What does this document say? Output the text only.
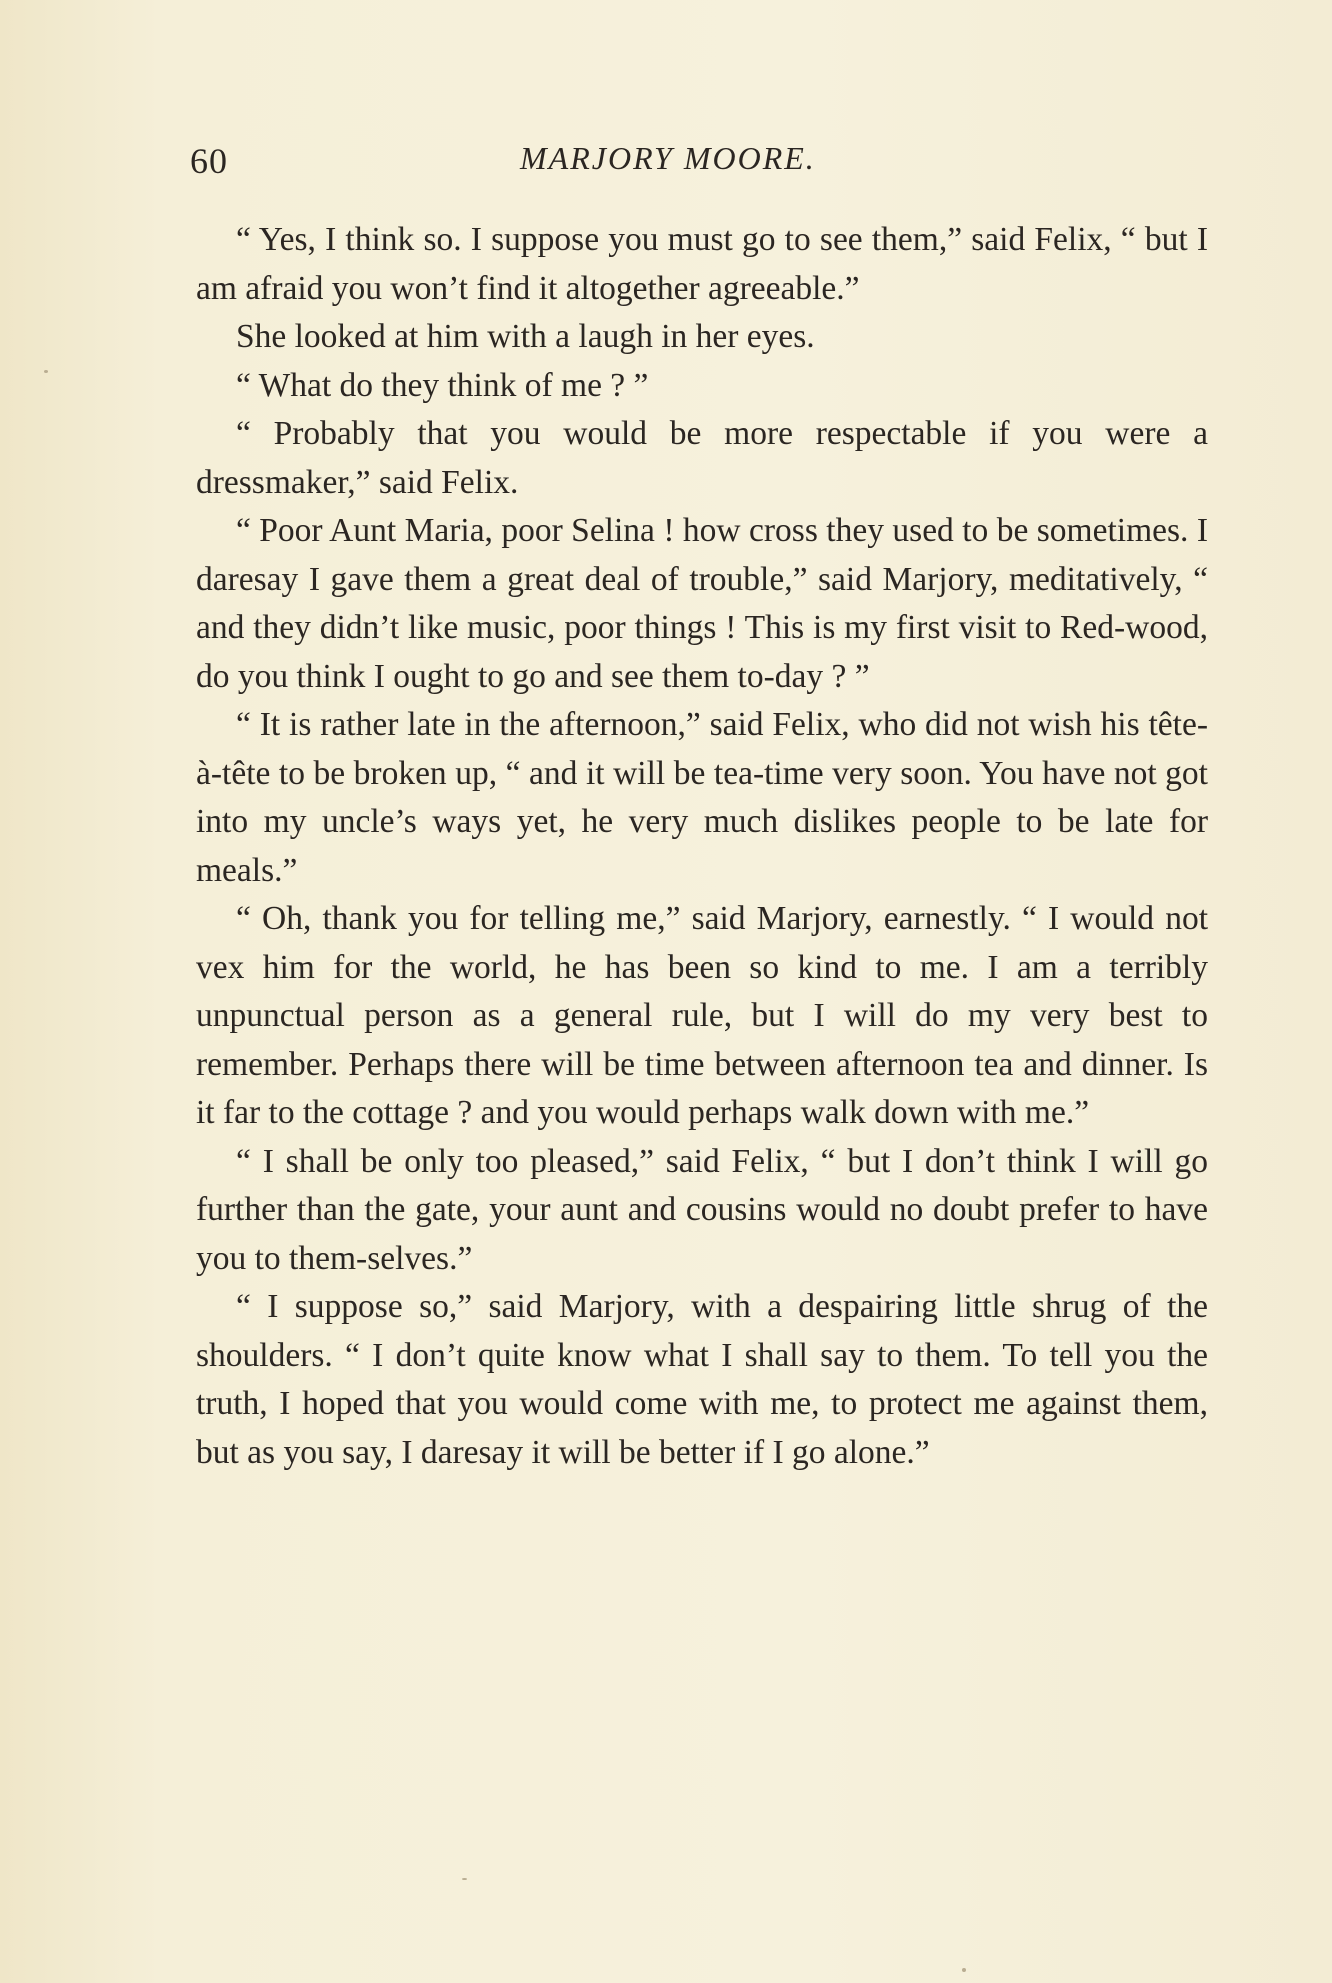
60	MARJORY MOORE.

“ Yes, I think so. I suppose you must go to see them,” said Felix, “ but I am afraid you won’t find it altogether agreeable.”

She looked at him with a laugh in her eyes.

“ What do they think of me ? ”

“ Probably that you would be more respectable if you were a dressmaker,” said Felix.

“ Poor Aunt Maria, poor Selina ! how cross they used to be sometimes. I daresay I gave them a great deal of trouble,” said Marjory, meditatively, “ and they didn’t like music, poor things ! This is my first visit to Red-wood, do you think I ought to go and see them to-day ? ”

“ It is rather late in the afternoon,” said Felix, who did not wish his tête-à-tête to be broken up, “ and it will be tea-time very soon. You have not got into my uncle’s ways yet, he very much dislikes people to be late for meals.”

“ Oh, thank you for telling me,” said Marjory, earnestly. “ I would not vex him for the world, he has been so kind to me. I am a terribly unpunctual person as a general rule, but I will do my very best to remember. Perhaps there will be time between afternoon tea and dinner. Is it far to the cottage ? and you would perhaps walk down with me.”

“ I shall be only too pleased,” said Felix, “ but I don’t think I will go further than the gate, your aunt and cousins would no doubt prefer to have you to them-selves.”

“ I suppose so,” said Marjory, with a despairing little shrug of the shoulders. “ I don’t quite know what I shall say to them. To tell you the truth, I hoped that you would come with me, to protect me against them, but as you say, I daresay it will be better if I go alone.”
